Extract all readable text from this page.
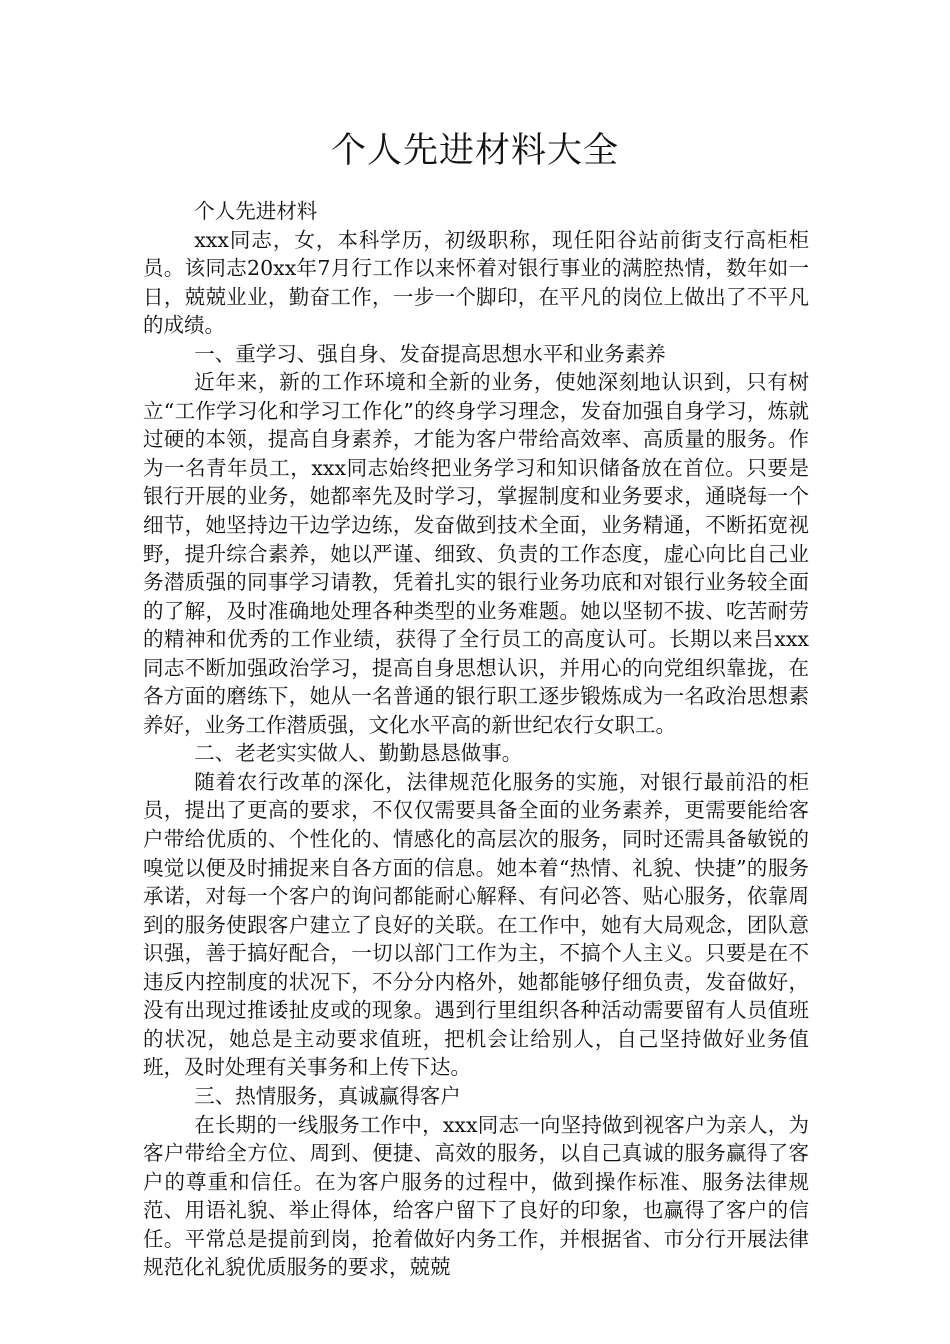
个人先进材料大全

个人先进材料

xxx同志，女，本科学历，初级职称，现任阳谷站前街支行高柜柜员。该同志20xx年7月行工作以来怀着对银行事业的满腔热情，数年如一日，兢兢业业，勤奋工作，一步一个脚印，在平凡的岗位上做出了不平凡的成绩。

一、重学习、强自身、发奋提高思想水平和业务素养

近年来，新的工作环境和全新的业务，使她深刻地认识到，只有树立“工作学习化和学习工作化”的终身学习理念，发奋加强自身学习，炼就过硬的本领，提高自身素养，才能为客户带给高效率、高质量的服务。作为一名青年员工，xxx同志始终把业务学习和知识储备放在首位。只要是银行开展的业务，她都率先及时学习，掌握制度和业务要求，通晓每一个细节，她坚持边干边学边练，发奋做到技术全面，业务精通，不断拓宽视野，提升综合素养，她以严谨、细致、负责的工作态度，虚心向比自己业务潜质强的同事学习请教，凭着扎实的银行业务功底和对银行业务较全面的了解，及时准确地处理各种类型的业务难题。她以坚韧不拔、吃苦耐劳的精神和优秀的工作业绩，获得了全行员工的高度认可。长期以来吕xxx同志不断加强政治学习，提高自身思想认识，并用心的向党组织靠拢，在各方面的磨练下，她从一名普通的银行职工逐步锻炼成为一名政治思想素养好，业务工作潜质强，文化水平高的新世纪农行女职工。

二、老老实实做人、勤勤恳恳做事。

随着农行改革的深化，法律规范化服务的实施，对银行最前沿的柜员，提出了更高的要求，不仅仅需要具备全面的业务素养，更需要能给客户带给优质的、个性化的、情感化的高层次的服务，同时还需具备敏锐的嗅觉以便及时捕捉来自各方面的信息。她本着“热情、礼貌、快捷”的服务承诺，对每一个客户的询问都能耐心解释、有问必答、贴心服务，依靠周到的服务使跟客户建立了良好的关联。在工作中，她有大局观念，团队意识强，善于搞好配合，一切以部门工作为主，不搞个人主义。只要是在不违反内控制度的状况下，不分分内格外，她都能够仔细负责，发奋做好，没有出现过推诿扯皮或的现象。遇到行里组织各种活动需要留有人员值班的状况，她总是主动要求值班，把机会让给别人，自己坚持做好业务值班，及时处理有关事务和上传下达。

三、热情服务，真诚赢得客户

在长期的一线服务工作中，xxx同志一向坚持做到视客户为亲人，为客户带给全方位、周到、便捷、高效的服务，以自己真诚的服务赢得了客户的尊重和信任。在为客户服务的过程中，做到操作标准、服务法律规范、用语礼貌、举止得体，给客户留下了良好的印象，也赢得了客户的信任。平常总是提前到岗，抢着做好内务工作，并根据省、市分行开展法律规范化礼貌优质服务的要求，兢兢
